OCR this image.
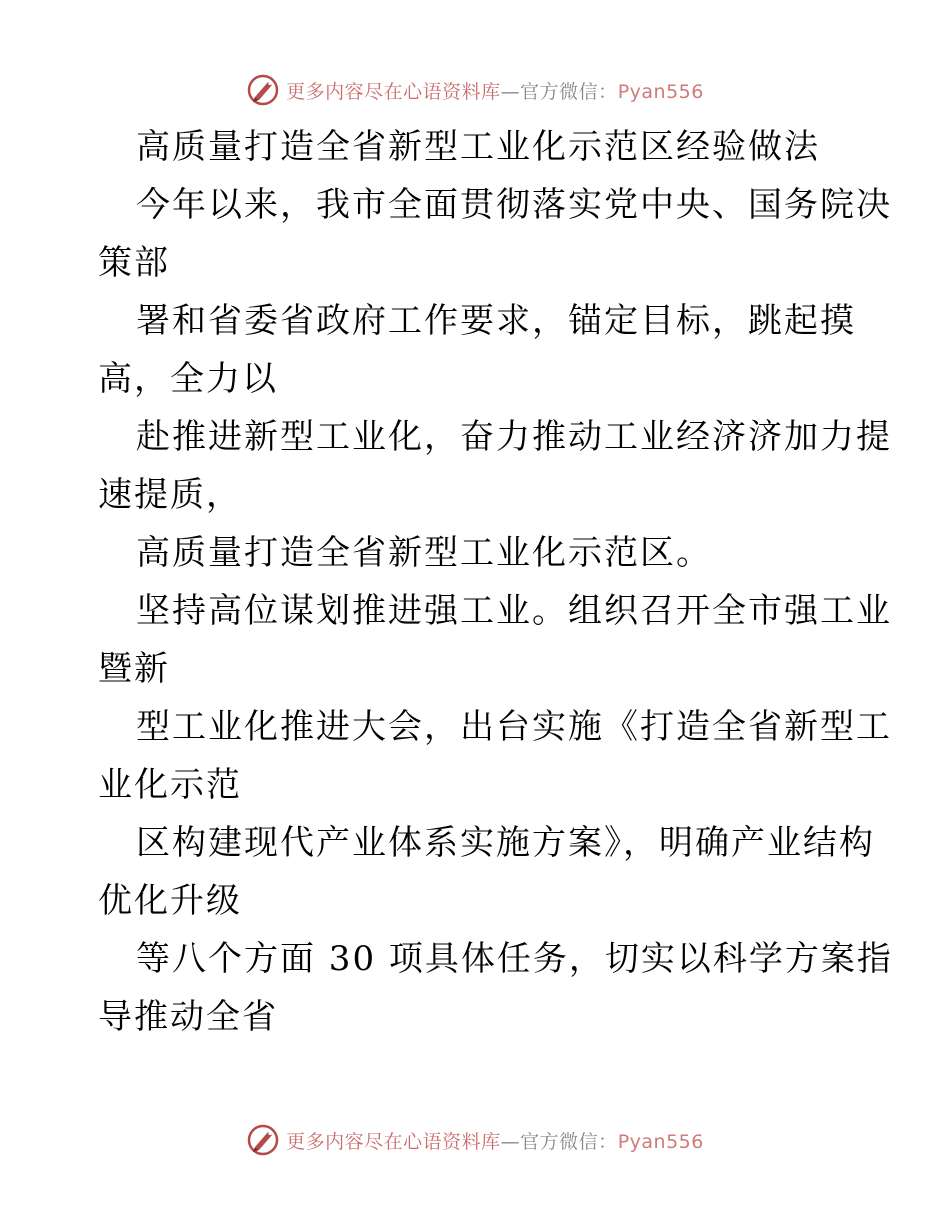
更多内容尽在心语资料库—官方微信：Pyan556
高质量打造全省新型工业化示范区经验做法
今年以来，我市全面贯彻落实党中央、国务院决
策部
署和省委省政府工作要求，锚定目标，跳起摸
高，全力以
赴推进新型工业化，奋力推动工业经济济加力提
速提质，
高质量打造全省新型工业化示范区。
坚持高位谋划推进强工业。组织召开全市强工业
暨新
型工业化推进大会，出台实施《打造全省新型工
业化示范
区构建现代产业体系实施方案》，明确产业结构
优化升级
等八个方面 30 项具体任务，切实以科学方案指
导推动全省
更多内容尽在心语资料库—官方微信：Pyan556
